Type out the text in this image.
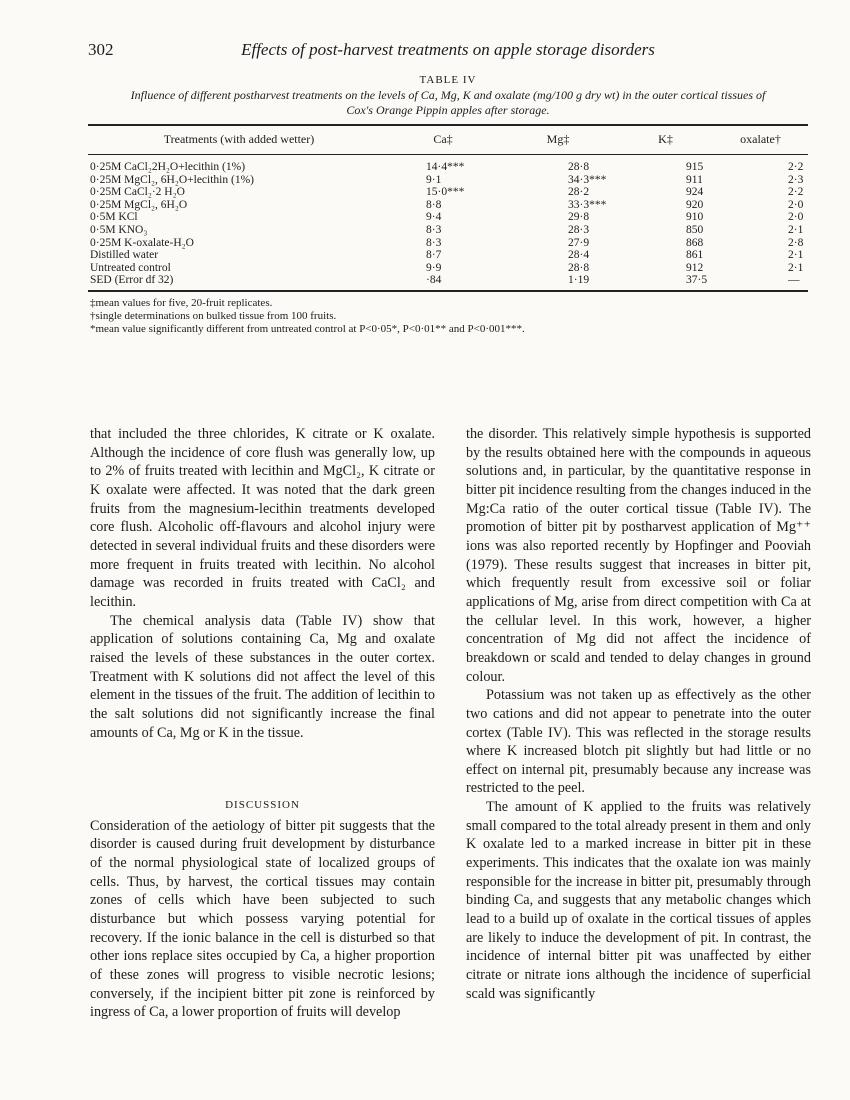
302	Effects of post-harvest treatments on apple storage disorders
TABLE IV
Influence of different postharvest treatments on the levels of Ca, Mg, K and oxalate (mg/100 g dry wt) in the outer cortical tissues of Cox's Orange Pippin apples after storage.
Treatments (with added wetter)	Ca‡	Mg‡	K‡	oxalate†
0·25M CaCl₂2H₂O+lecithin (1%)	14·4***	28·8	915	2·2
0·25M MgCl₂, 6H₂O+lecithin (1%)	9·1	34·3***	911	2·3
0·25M CaCl₂·2 H₂O	15·0***	28·2	924	2·2
0·25M MgCl₂, 6H₂O	8·8	33·3***	920	2·0
0·5M KCl	9·4	29·8	910	2·0
0·5M KNO₃	8·3	28·3	850	2·1
0·25M K-oxalate-H₂O	8·3	27·9	868	2·8
Distilled water	8·7	28·4	861	2·1
Untreated control	9·9	28·8	912	2·1
SED (Error df 32)	·84	1·19	37·5	—
‡mean values for five, 20-fruit replicates.
†single determinations on bulked tissue from 100 fruits.
*mean value significantly different from untreated control at P<0·05*, P<0·01** and P<0·001***.

that included the three chlorides, K citrate or K oxalate. Although the incidence of core flush was generally low, up to 2% of fruits treated with lecithin and MgCl₂, K citrate or K oxalate were affected. It was noted that the dark green fruits from the magnesium-lecithin treatments developed core flush. Alcoholic off-flavours and alcohol injury were detected in several individual fruits and these disorders were more frequent in fruits treated with lecithin. No alcohol damage was recorded in fruits treated with CaCl₂ and lecithin.

The chemical analysis data (Table IV) show that application of solutions containing Ca, Mg and oxalate raised the levels of these substances in the outer cortex. Treatment with K solutions did not affect the level of this element in the tissues of the fruit. The addition of lecithin to the salt solutions did not significantly increase the final amounts of Ca, Mg or K in the tissue.

DISCUSSION

Consideration of the aetiology of bitter pit suggests that the disorder is caused during fruit development by disturbance of the normal physiological state of localized groups of cells. Thus, by harvest, the cortical tissues may contain zones of cells which have been subjected to such disturbance but which possess varying potential for recovery. If the ionic balance in the cell is disturbed so that other ions replace sites occupied by Ca, a higher proportion of these zones will progress to visible necrotic lesions; conversely, if the incipient bitter pit zone is reinforced by ingress of Ca, a lower proportion of fruits will develop

the disorder. This relatively simple hypothesis is supported by the results obtained here with the compounds in aqueous solutions and, in particular, by the quantitative response in bitter pit incidence resulting from the changes induced in the Mg:Ca ratio of the outer cortical tissue (Table IV). The promotion of bitter pit by postharvest application of Mg⁺⁺ ions was also reported recently by Hopfinger and Pooviah (1979). These results suggest that increases in bitter pit, which frequently result from excessive soil or foliar applications of Mg, arise from direct competition with Ca at the cellular level. In this work, however, a higher concentration of Mg did not affect the incidence of breakdown or scald and tended to delay changes in ground colour.

Potassium was not taken up as effectively as the other two cations and did not appear to penetrate into the outer cortex (Table IV). This was reflected in the storage results where K increased blotch pit slightly but had little or no effect on internal pit, presumably because any increase was restricted to the peel.

The amount of K applied to the fruits was relatively small compared to the total already present in them and only K oxalate led to a marked increase in bitter pit in these experiments. This indicates that the oxalate ion was mainly responsible for the increase in bitter pit, presumably through binding Ca, and suggests that any metabolic changes which lead to a build up of oxalate in the cortical tissues of apples are likely to induce the development of pit. In contrast, the incidence of internal bitter pit was unaffected by either citrate or nitrate ions although the incidence of superficial scald was significantly
